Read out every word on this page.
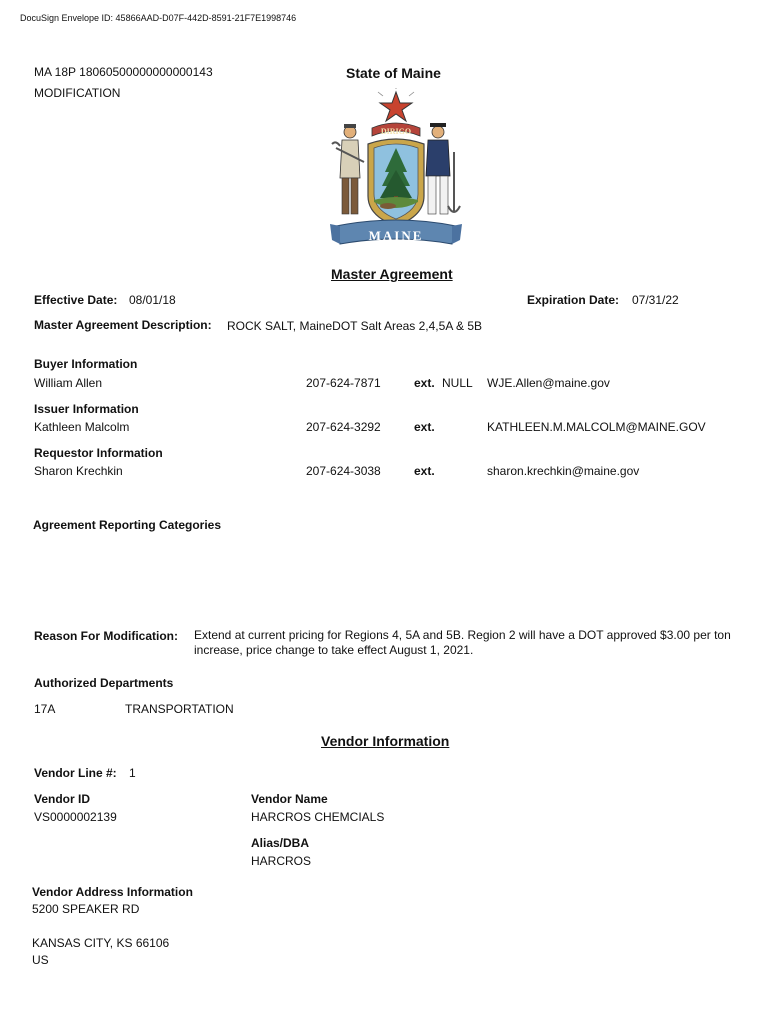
DocuSign Envelope ID: 45866AAD-D07F-442D-8591-21F7E1998746
MA 18P 18060500000000000143
MODIFICATION
State of Maine
DIRIGO
MAINE
Master Agreement
Effective Date: 08/01/18	Expiration Date: 07/31/22
Master Agreement Description: ROCK SALT, MaineDOT Salt Areas 2,4,5A & 5B
Buyer Information
William Allen	207-624-7871	ext. NULL WJE.Allen@maine.gov
Issuer Information
Kathleen Malcolm	207-624-3292	ext.	KATHLEEN.M.MALCOLM@MAINE.GOV
Requestor Information
Sharon Krechkin	207-624-3038	ext.	sharon.krechkin@maine.gov
Agreement Reporting Categories
Reason For Modification: Extend at current pricing for Regions 4, 5A and 5B. Region 2 will have a DOT approved $3.00 per ton increase, price change to take effect August 1, 2021.
Authorized Departments
17A	TRANSPORTATION
Vendor Information
Vendor Line #: 1
Vendor ID
VS0000002139
Vendor Name
HARCROS CHEMCIALS
Alias/DBA
HARCROS
Vendor Address Information
5200 SPEAKER RD
KANSAS CITY, KS 66106
US
